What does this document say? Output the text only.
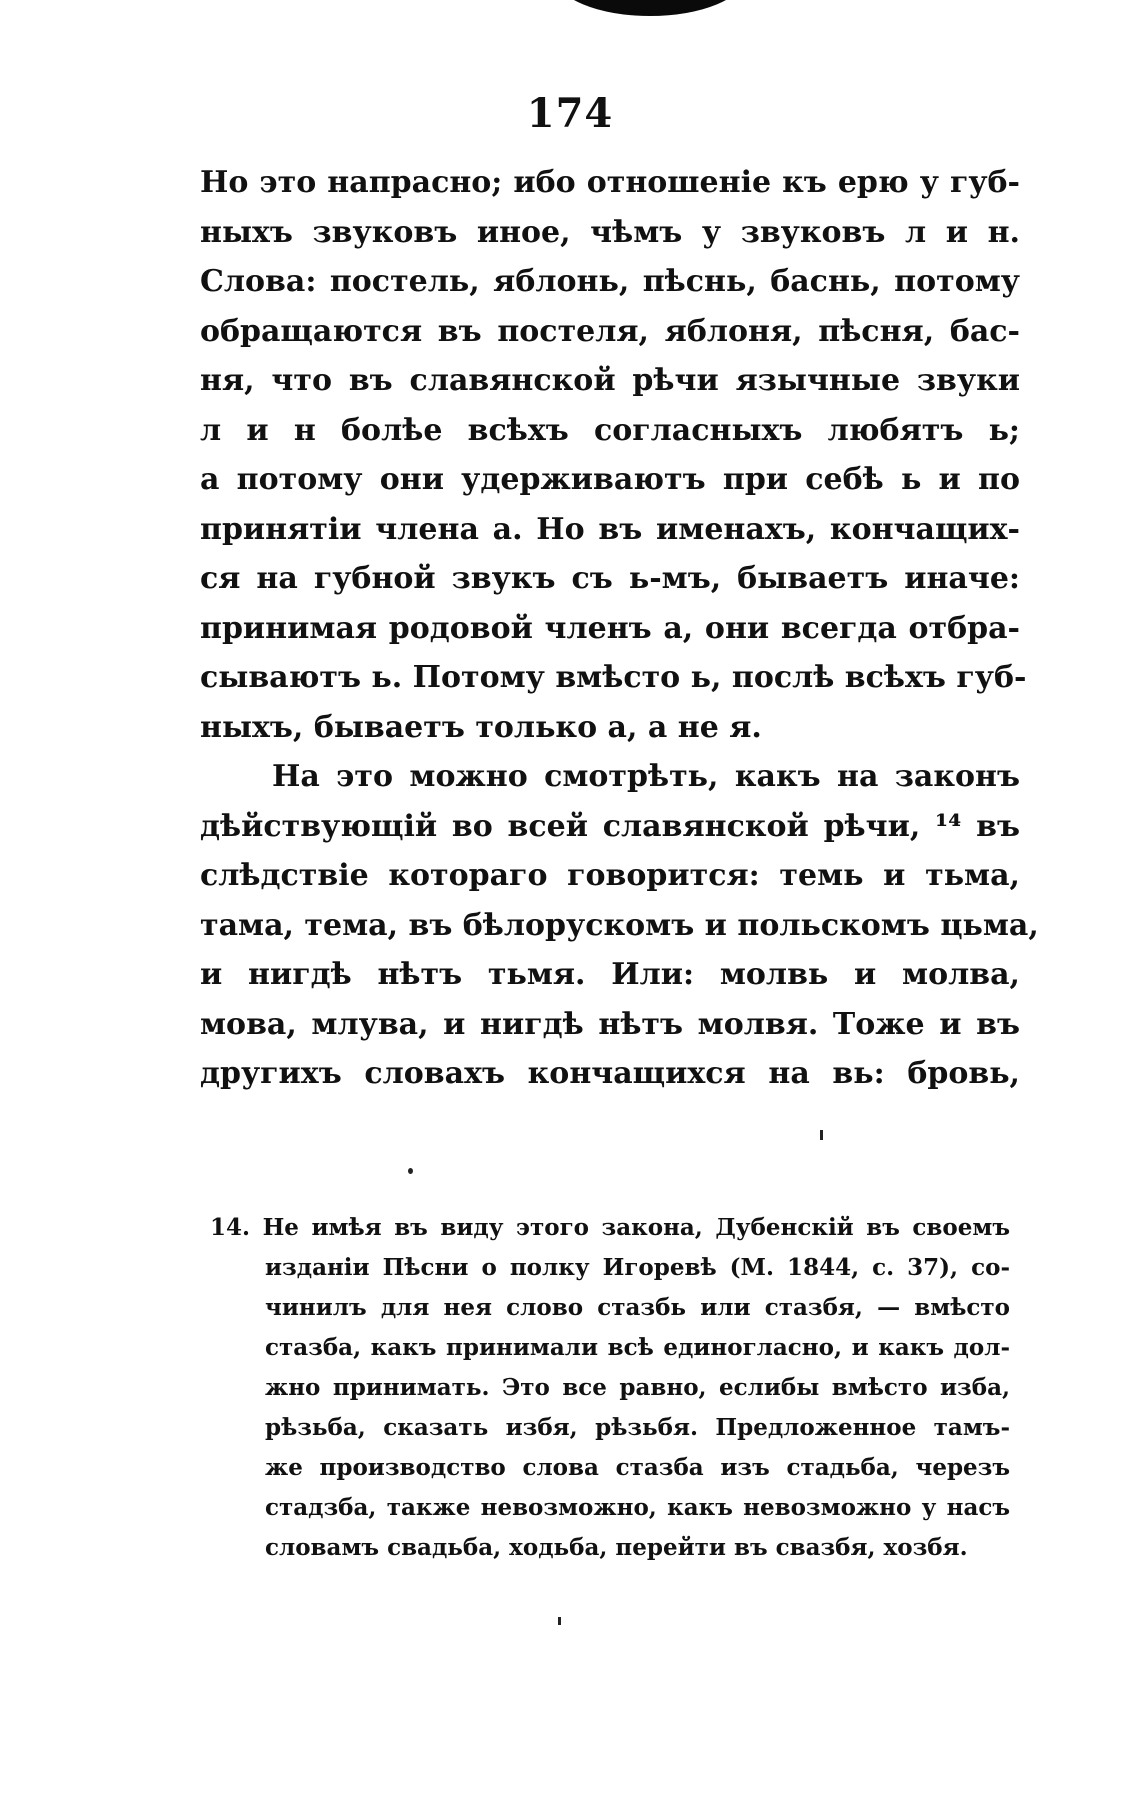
174
Но это напрасно; ибо отношеніе къ ерю у губ-
ныхъ звуковъ иное, чѣмъ у звуковъ л и н.
Слова: постель, яблонь, пѣснь, баснь, потому
обращаются въ постеля, яблоня, пѣсня, бас-
ня, что въ славянской рѣчи язычные звуки
л и н болѣе всѣхъ согласныхъ любятъ ь;
а потому они удерживаютъ при себѣ ь и по
принятіи члена а. Но въ именахъ, кончащих-
ся на губной звукъ съ ь-мъ, бываетъ иначе:
принимая родовой членъ а, они всегда отбра-
сываютъ ь. Потому вмѣсто ь, послѣ всѣхъ губ-
ныхъ, бываетъ только а, а не я.
На это можно смотрѣть, какъ на законъ
дѣйствующій во всей славянской рѣчи, ¹⁴ въ
слѣдствіе котораго говорится: темь и тьма,
тама, тема, въ бѣлорускомъ и польскомъ цьма,
и нигдѣ нѣтъ тьмя. Или: молвь и молва,
мова, млува, и нигдѣ нѣтъ молвя. Тоже и въ
другихъ словахъ кончащихся на вь: бровь,
14. Не имѣя въ виду этого закона, Дубенскій въ своемъ
изданіи Пѣсни о полку Игоревѣ (М. 1844, с. 37), со-
чинилъ для нея слово стазбь или стазбя, — вмѣсто
стазба, какъ принимали всѣ единогласно, и какъ дол-
жно принимать. Это все равно, еслибы вмѣсто изба,
рѣзьба, сказать избя, рѣзьбя. Предложенное тамъ-
же производство слова стазба изъ стадьба, черезъ
стадзба, также невозможно, какъ невозможно у насъ
словамъ свадьба, ходьба, перейти въ свазбя, хозбя.
